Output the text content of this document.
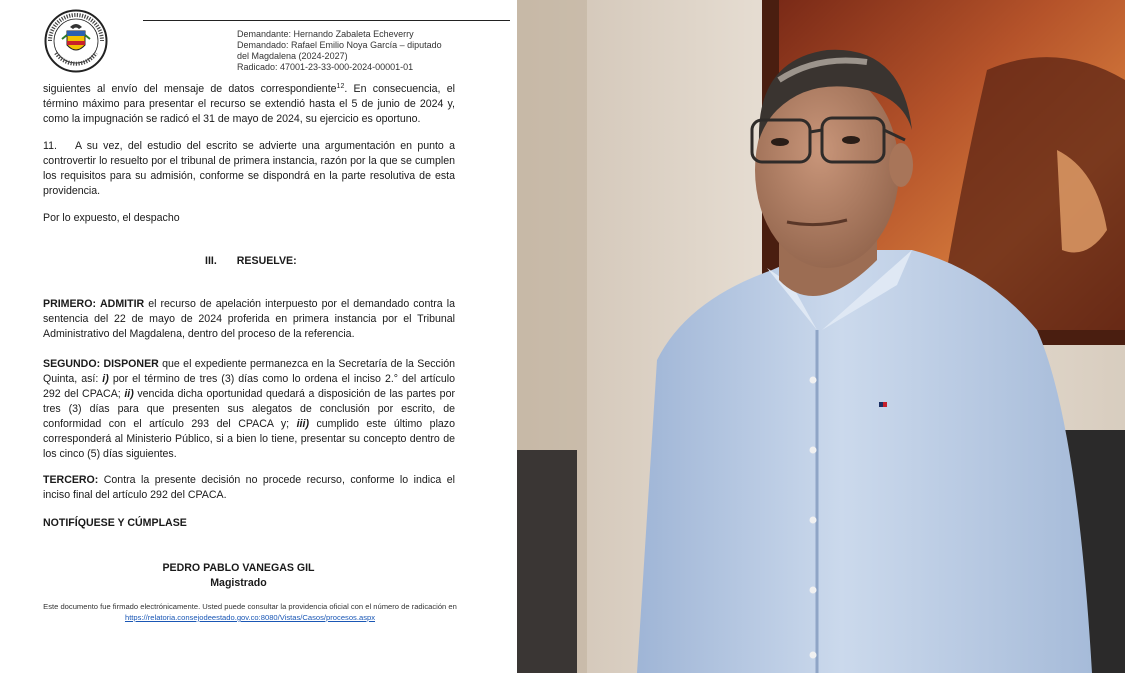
Demandante: Hernando Zabaleta Echeverry
Demandado: Rafael Emilio Noya García – diputado
del Magdalena (2024-2027)
Radicado: 47001-23-33-000-2024-00001-01
siguientes al envío del mensaje de datos correspondiente$^{12}$. En consecuencia, el término máximo para presentar el recurso se extendió hasta el 5 de junio de 2024 y, como la impugnación se radicó el 31 de mayo de 2024, su ejercicio es oportuno.
11. A su vez, del estudio del escrito se advierte una argumentación en punto a controvertir lo resuelto por el tribunal de primera instancia, razón por la que se cumplen los requisitos para su admisión, conforme se dispondrá en la parte resolutiva de esta providencia.
Por lo expuesto, el despacho
III. RESUELVE:
PRIMERO: ADMITIR el recurso de apelación interpuesto por el demandado contra la sentencia del 22 de mayo de 2024 proferida en primera instancia por el Tribunal Administrativo del Magdalena, dentro del proceso de la referencia.
SEGUNDO: DISPONER que el expediente permanezca en la Secretaría de la Sección Quinta, así: i) por el término de tres (3) días como lo ordena el inciso 2.° del artículo 292 del CPACA; ii) vencida dicha oportunidad quedará a disposición de las partes por tres (3) días para que presenten sus alegatos de conclusión por escrito, de conformidad con el artículo 293 del CPACA y; iii) cumplido este último plazo corresponderá al Ministerio Público, si a bien lo tiene, presentar su concepto dentro de los cinco (5) días siguientes.
TERCERO: Contra la presente decisión no procede recurso, conforme lo indica el inciso final del artículo 292 del CPACA.
NOTIFÍQUESE Y CÚMPLASE
PEDRO PABLO VANEGAS GIL
Magistrado
Este documento fue firmado electrónicamente. Usted puede consultar la providencia oficial con el número de radicación en https://relatoria.consejodeestado.gov.co:8080/Vistas/Casos/procesos.aspx
